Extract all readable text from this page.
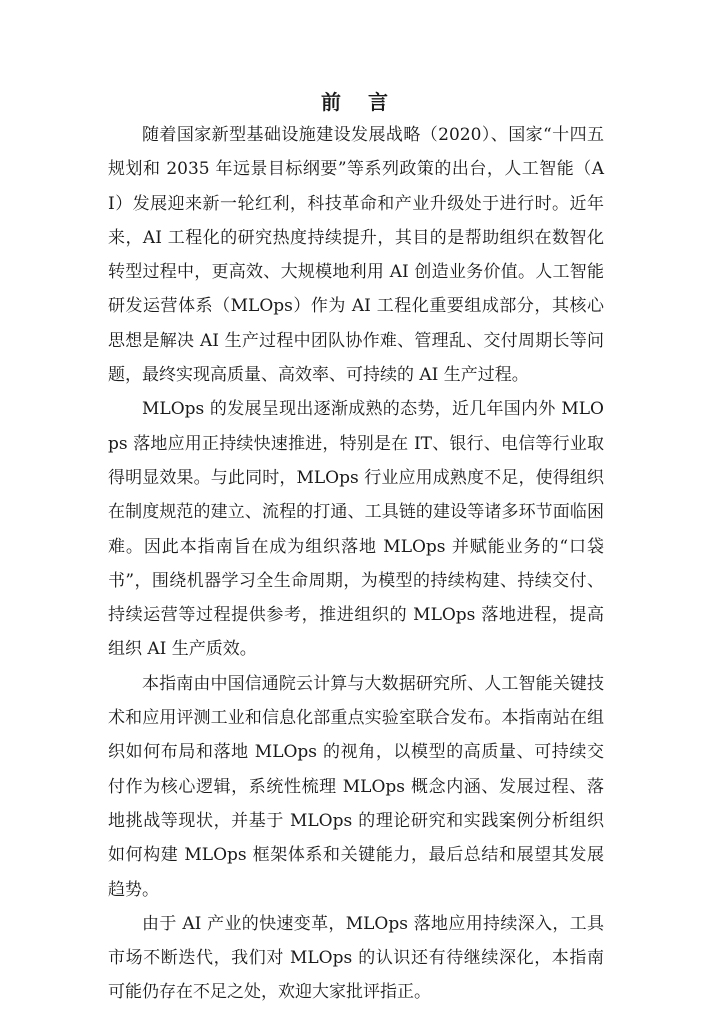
前 言

随着国家新型基础设施建设发展战略（2020）、国家“十四五规划和 2035 年远景目标纲要”等系列政策的出台，人工智能（AI）发展迎来新一轮红利，科技革命和产业升级处于进行时。近年来，AI 工程化的研究热度持续提升，其目的是帮助组织在数智化转型过程中，更高效、大规模地利用 AI 创造业务价值。人工智能研发运营体系（MLOps）作为 AI 工程化重要组成部分，其核心思想是解决 AI 生产过程中团队协作难、管理乱、交付周期长等问题，最终实现高质量、高效率、可持续的 AI 生产过程。

MLOps 的发展呈现出逐渐成熟的态势，近几年国内外 MLOps 落地应用正持续快速推进，特别是在 IT、银行、电信等行业取得明显效果。与此同时，MLOps 行业应用成熟度不足，使得组织在制度规范的建立、流程的打通、工具链的建设等诸多环节面临困难。因此本指南旨在成为组织落地 MLOps 并赋能业务的“口袋书”，围绕机器学习全生命周期，为模型的持续构建、持续交付、持续运营等过程提供参考，推进组织的 MLOps 落地进程，提高组织 AI 生产质效。

本指南由中国信通院云计算与大数据研究所、人工智能关键技术和应用评测工业和信息化部重点实验室联合发布。本指南站在组织如何布局和落地 MLOps 的视角，以模型的高质量、可持续交付作为核心逻辑，系统性梳理 MLOps 概念内涵、发展过程、落地挑战等现状，并基于 MLOps 的理论研究和实践案例分析组织如何构建 MLOps 框架体系和关键能力，最后总结和展望其发展趋势。

由于 AI 产业的快速变革，MLOps 落地应用持续深入，工具市场不断迭代，我们对 MLOps 的认识还有待继续深化，本指南可能仍存在不足之处，欢迎大家批评指正。
